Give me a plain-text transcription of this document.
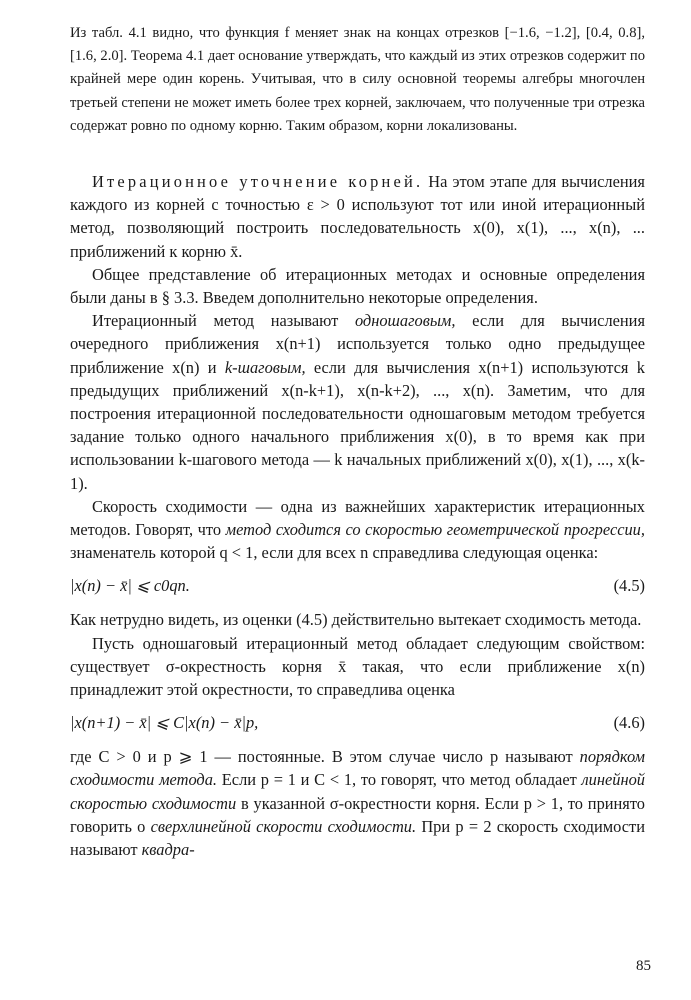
Из табл. 4.1 видно, что функция f меняет знак на концах отрезков [−1.6, −1.2], [0.4, 0.8], [1.6, 2.0]. Теорема 4.1 дает основание утверждать, что каждый из этих отрезков содержит по крайней мере один корень. Учитывая, что в силу основной теоремы алгебры многочлен третьей степени не может иметь более трех корней, заключаем, что полученные три отрезка содержат ровно по одному корню. Таким образом, корни локализованы.

Итерационное уточнение корней. На этом этапе для вычисления каждого из корней с точностью ε > 0 используют тот или иной итерационный метод, позволяющий построить последовательность x(0), x(1), ..., x(n), ... приближений к корню x̄.

Общее представление об итерационных методах и основные определения были даны в § 3.3. Введем дополнительно некоторые определения.

Итерационный метод называют одношаговым, если для вычисления очередного приближения x(n+1) используется только одно предыдущее приближение x(n) и k-шаговым, если для вычисления x(n+1) используются k предыдущих приближений x(n-k+1), x(n-k+2), ..., x(n). Заметим, что для построения итерационной последовательности одношаговым методом требуется задание только одного начального приближения x(0), в то время как при использовании k-шагового метода — k начальных приближений x(0), x(1), ..., x(k-1).

Скорость сходимости — одна из важнейших характеристик итерационных методов. Говорят, что метод сходится со скоростью геометрической прогрессии, знаменатель которой q < 1, если для всех n справедлива следующая оценка:

|x(n) − x̄| ⩽ c0qn.	(4.5)

Как нетрудно видеть, из оценки (4.5) действительно вытекает сходимость метода.

Пусть одношаговый итерационный метод обладает следующим свойством: существует σ-окрестность корня x̄ такая, что если приближение x(n) принадлежит этой окрестности, то справедлива оценка

|x(n+1) − x̄| ⩽ C|x(n) − x̄|p,	(4.6)

где C > 0 и p ⩾ 1 — постоянные. В этом случае число p называют порядком сходимости метода. Если p = 1 и C < 1, то говорят, что метод обладает линейной скоростью сходимости в указанной σ-окрестности корня. Если p > 1, то принято говорить о сверхлинейной скорости сходимости. При p = 2 скорость сходимости называют квадра-

85
